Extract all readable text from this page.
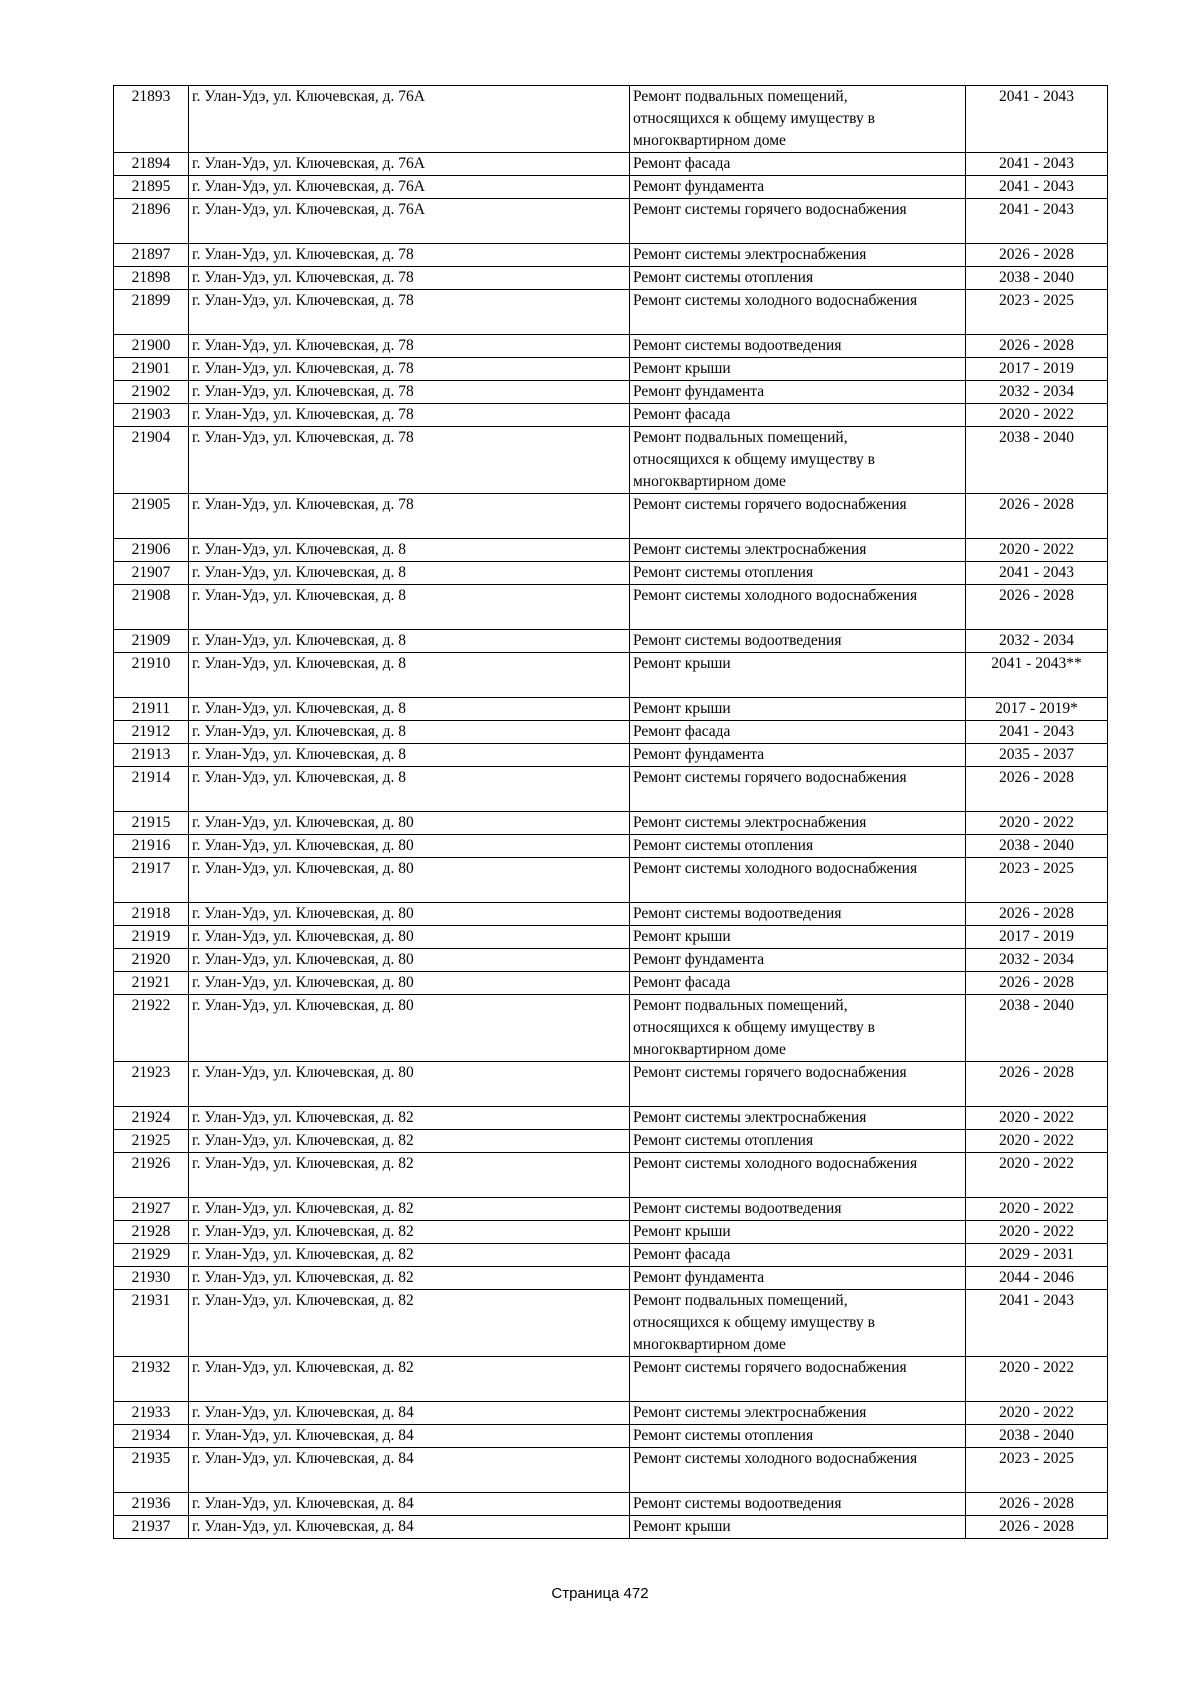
21893	г. Улан-Удэ, ул. Ключевская, д. 76А	Ремонт подвальных помещений,
относящихся к общему имуществу в
многоквартирном доме	2041 - 2043
21894	г. Улан-Удэ, ул. Ключевская, д. 76А	Ремонт фасада	2041 - 2043
21895	г. Улан-Удэ, ул. Ключевская, д. 76А	Ремонт фундамента	2041 - 2043
21896	г. Улан-Удэ, ул. Ключевская, д. 76А	Ремонт системы горячего водоснабжения	2041 - 2043
21897	г. Улан-Удэ, ул. Ключевская, д. 78	Ремонт системы электроснабжения	2026 - 2028
21898	г. Улан-Удэ, ул. Ключевская, д. 78	Ремонт системы отопления	2038 - 2040
21899	г. Улан-Удэ, ул. Ключевская, д. 78	Ремонт системы холодного водоснабжения	2023 - 2025
21900	г. Улан-Удэ, ул. Ключевская, д. 78	Ремонт системы водоотведения	2026 - 2028
21901	г. Улан-Удэ, ул. Ключевская, д. 78	Ремонт крыши	2017 - 2019
21902	г. Улан-Удэ, ул. Ключевская, д. 78	Ремонт фундамента	2032 - 2034
21903	г. Улан-Удэ, ул. Ключевская, д. 78	Ремонт фасада	2020 - 2022
21904	г. Улан-Удэ, ул. Ключевская, д. 78	Ремонт подвальных помещений,
относящихся к общему имуществу в
многоквартирном доме	2038 - 2040
21905	г. Улан-Удэ, ул. Ключевская, д. 78	Ремонт системы горячего водоснабжения	2026 - 2028
21906	г. Улан-Удэ, ул. Ключевская, д. 8	Ремонт системы электроснабжения	2020 - 2022
21907	г. Улан-Удэ, ул. Ключевская, д. 8	Ремонт системы отопления	2041 - 2043
21908	г. Улан-Удэ, ул. Ключевская, д. 8	Ремонт системы холодного водоснабжения	2026 - 2028
21909	г. Улан-Удэ, ул. Ключевская, д. 8	Ремонт системы водоотведения	2032 - 2034
21910	г. Улан-Удэ, ул. Ключевская, д. 8	Ремонт крыши	2041 - 2043**
21911	г. Улан-Удэ, ул. Ключевская, д. 8	Ремонт крыши	2017 - 2019*
21912	г. Улан-Удэ, ул. Ключевская, д. 8	Ремонт фасада	2041 - 2043
21913	г. Улан-Удэ, ул. Ключевская, д. 8	Ремонт фундамента	2035 - 2037
21914	г. Улан-Удэ, ул. Ключевская, д. 8	Ремонт системы горячего водоснабжения	2026 - 2028
21915	г. Улан-Удэ, ул. Ключевская, д. 80	Ремонт системы электроснабжения	2020 - 2022
21916	г. Улан-Удэ, ул. Ключевская, д. 80	Ремонт системы отопления	2038 - 2040
21917	г. Улан-Удэ, ул. Ключевская, д. 80	Ремонт системы холодного водоснабжения	2023 - 2025
21918	г. Улан-Удэ, ул. Ключевская, д. 80	Ремонт системы водоотведения	2026 - 2028
21919	г. Улан-Удэ, ул. Ключевская, д. 80	Ремонт крыши	2017 - 2019
21920	г. Улан-Удэ, ул. Ключевская, д. 80	Ремонт фундамента	2032 - 2034
21921	г. Улан-Удэ, ул. Ключевская, д. 80	Ремонт фасада	2026 - 2028
21922	г. Улан-Удэ, ул. Ключевская, д. 80	Ремонт подвальных помещений,
относящихся к общему имуществу в
многоквартирном доме	2038 - 2040
21923	г. Улан-Удэ, ул. Ключевская, д. 80	Ремонт системы горячего водоснабжения	2026 - 2028
21924	г. Улан-Удэ, ул. Ключевская, д. 82	Ремонт системы электроснабжения	2020 - 2022
21925	г. Улан-Удэ, ул. Ключевская, д. 82	Ремонт системы отопления	2020 - 2022
21926	г. Улан-Удэ, ул. Ключевская, д. 82	Ремонт системы холодного водоснабжения	2020 - 2022
21927	г. Улан-Удэ, ул. Ключевская, д. 82	Ремонт системы водоотведения	2020 - 2022
21928	г. Улан-Удэ, ул. Ключевская, д. 82	Ремонт крыши	2020 - 2022
21929	г. Улан-Удэ, ул. Ключевская, д. 82	Ремонт фасада	2029 - 2031
21930	г. Улан-Удэ, ул. Ключевская, д. 82	Ремонт фундамента	2044 - 2046
21931	г. Улан-Удэ, ул. Ключевская, д. 82	Ремонт подвальных помещений,
относящихся к общему имуществу в
многоквартирном доме	2041 - 2043
21932	г. Улан-Удэ, ул. Ключевская, д. 82	Ремонт системы горячего водоснабжения	2020 - 2022
21933	г. Улан-Удэ, ул. Ключевская, д. 84	Ремонт системы электроснабжения	2020 - 2022
21934	г. Улан-Удэ, ул. Ключевская, д. 84	Ремонт системы отопления	2038 - 2040
21935	г. Улан-Удэ, ул. Ключевская, д. 84	Ремонт системы холодного водоснабжения	2023 - 2025
21936	г. Улан-Удэ, ул. Ключевская, д. 84	Ремонт системы водоотведения	2026 - 2028
21937	г. Улан-Удэ, ул. Ключевская, д. 84	Ремонт крыши	2026 - 2028
Страница 472
